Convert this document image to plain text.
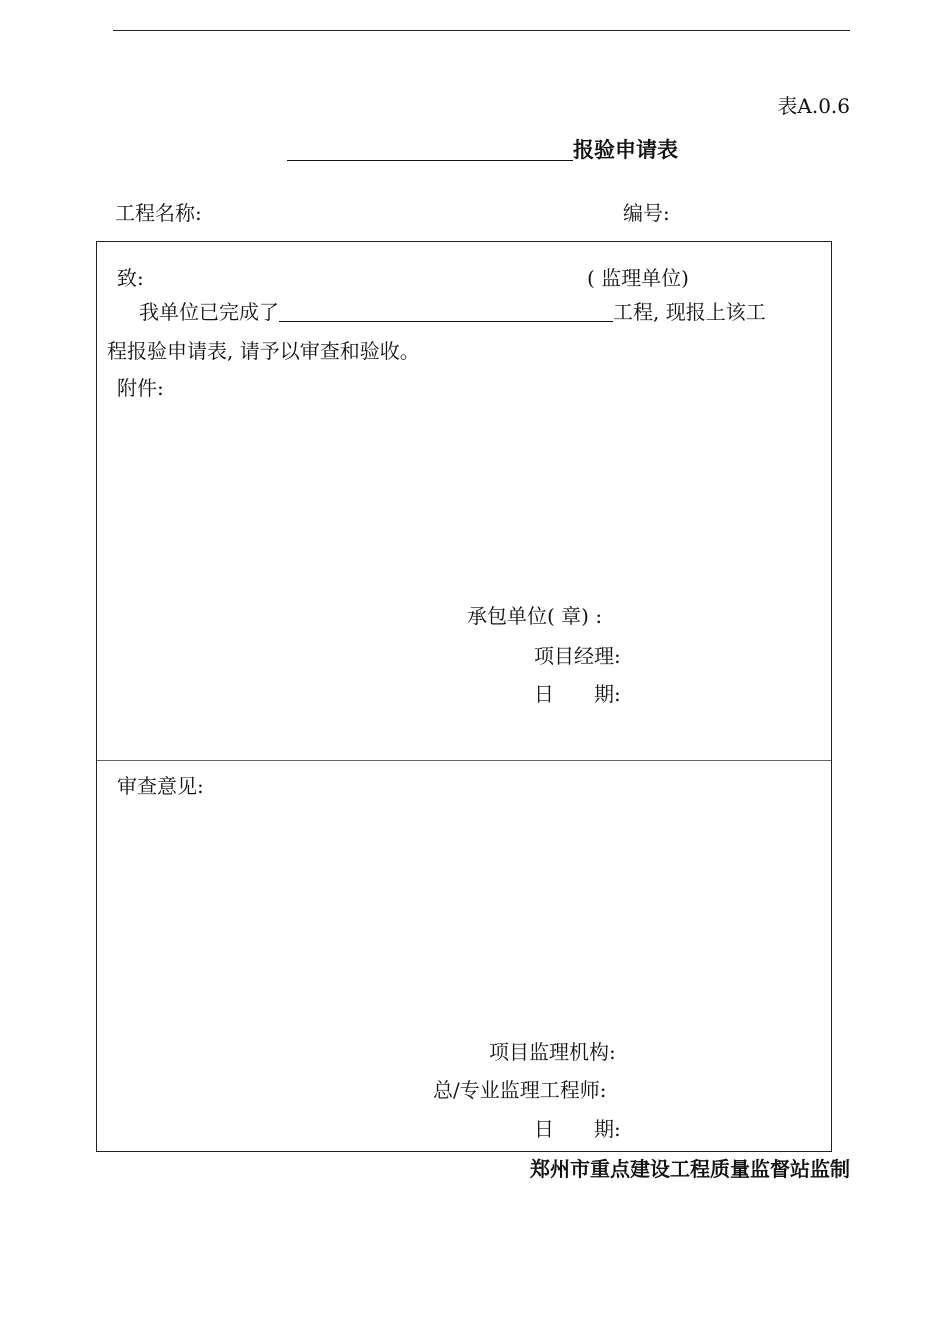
表A.0.6
报验申请表
工程名称:	编号:
致:	( 监理单位)
我单位已完成了	工程, 现报上该工
程报验申请表, 请予以审查和验收。
附件:
承包单位( 章) :
项目经理:
日　　期:
审查意见:
项目监理机构:
总/专业监理工程师:
日　　期:
郑州市重点建设工程质量监督站监制
